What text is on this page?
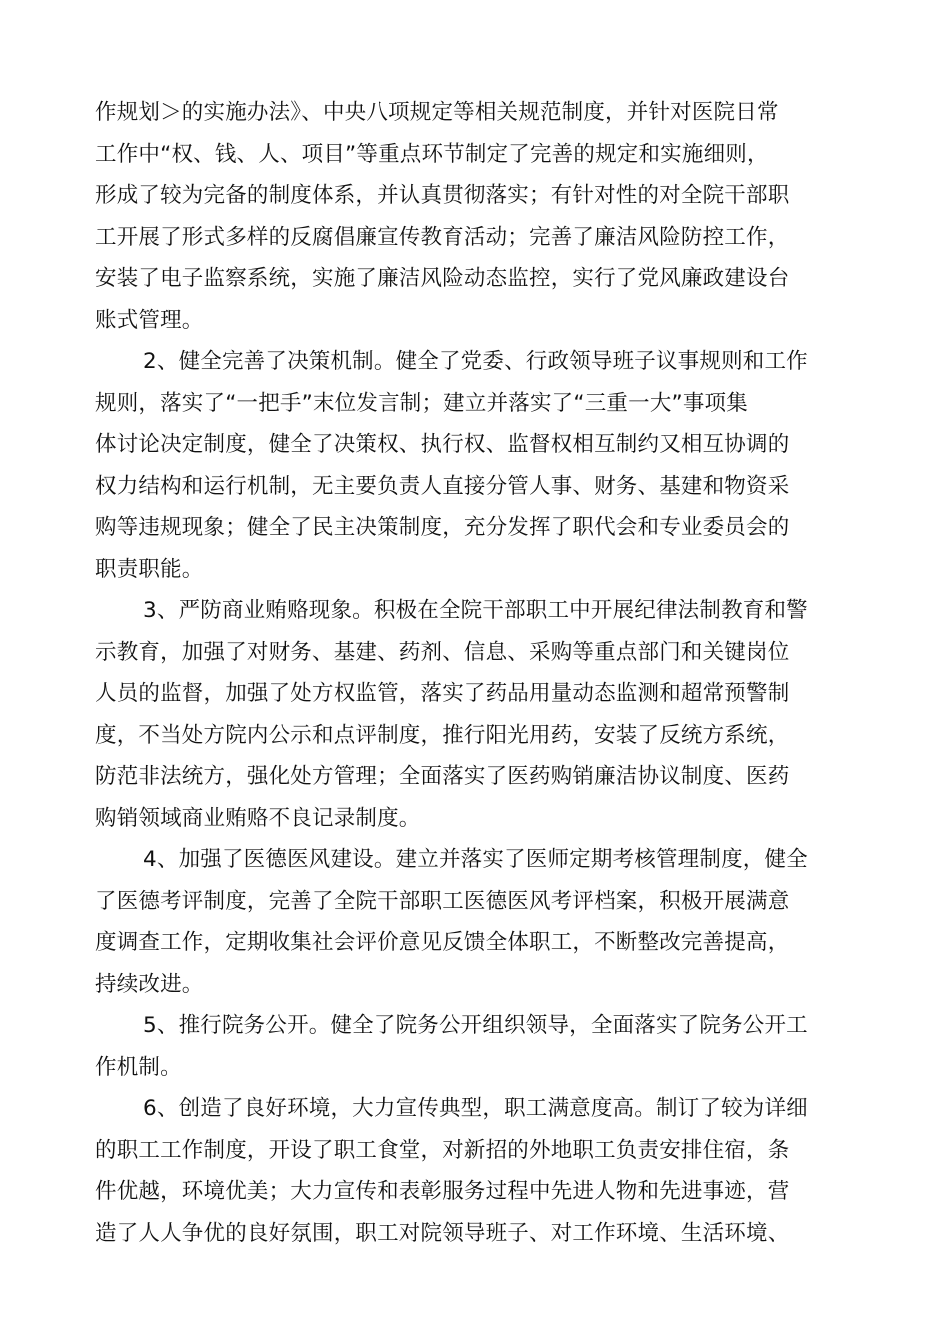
作规划＞的实施办法》、中央八项规定等相关规范制度，并针对医院日常
工作中“权、钱、人、项目”等重点环节制定了完善的规定和实施细则，
形成了较为完备的制度体系，并认真贯彻落实；有针对性的对全院干部职
工开展了形式多样的反腐倡廉宣传教育活动；完善了廉洁风险防控工作，
安装了电子监察系统，实施了廉洁风险动态监控，实行了党风廉政建设台
账式管理。
2、健全完善了决策机制。健全了党委、行政领导班子议事规则和工作
规则，落实了“一把手”末位发言制；建立并落实了“三重一大”事项集
体讨论决定制度，健全了决策权、执行权、监督权相互制约又相互协调的
权力结构和运行机制，无主要负责人直接分管人事、财务、基建和物资采
购等违规现象；健全了民主决策制度，充分发挥了职代会和专业委员会的
职责职能。
3、严防商业贿赂现象。积极在全院干部职工中开展纪律法制教育和警
示教育，加强了对财务、基建、药剂、信息、采购等重点部门和关键岗位
人员的监督，加强了处方权监管，落实了药品用量动态监测和超常预警制
度，不当处方院内公示和点评制度，推行阳光用药，安装了反统方系统，
防范非法统方，强化处方管理；全面落实了医药购销廉洁协议制度、医药
购销领域商业贿赂不良记录制度。
4、加强了医德医风建设。建立并落实了医师定期考核管理制度，健全
了医德考评制度，完善了全院干部职工医德医风考评档案，积极开展满意
度调查工作，定期收集社会评价意见反馈全体职工，不断整改完善提高，
持续改进。
5、推行院务公开。健全了院务公开组织领导，全面落实了院务公开工
作机制。
6、创造了良好环境，大力宣传典型，职工满意度高。制订了较为详细
的职工工作制度，开设了职工食堂，对新招的外地职工负责安排住宿，条
件优越，环境优美；大力宣传和表彰服务过程中先进人物和先进事迹，营
造了人人争优的良好氛围，职工对院领导班子、对工作环境、生活环境、
